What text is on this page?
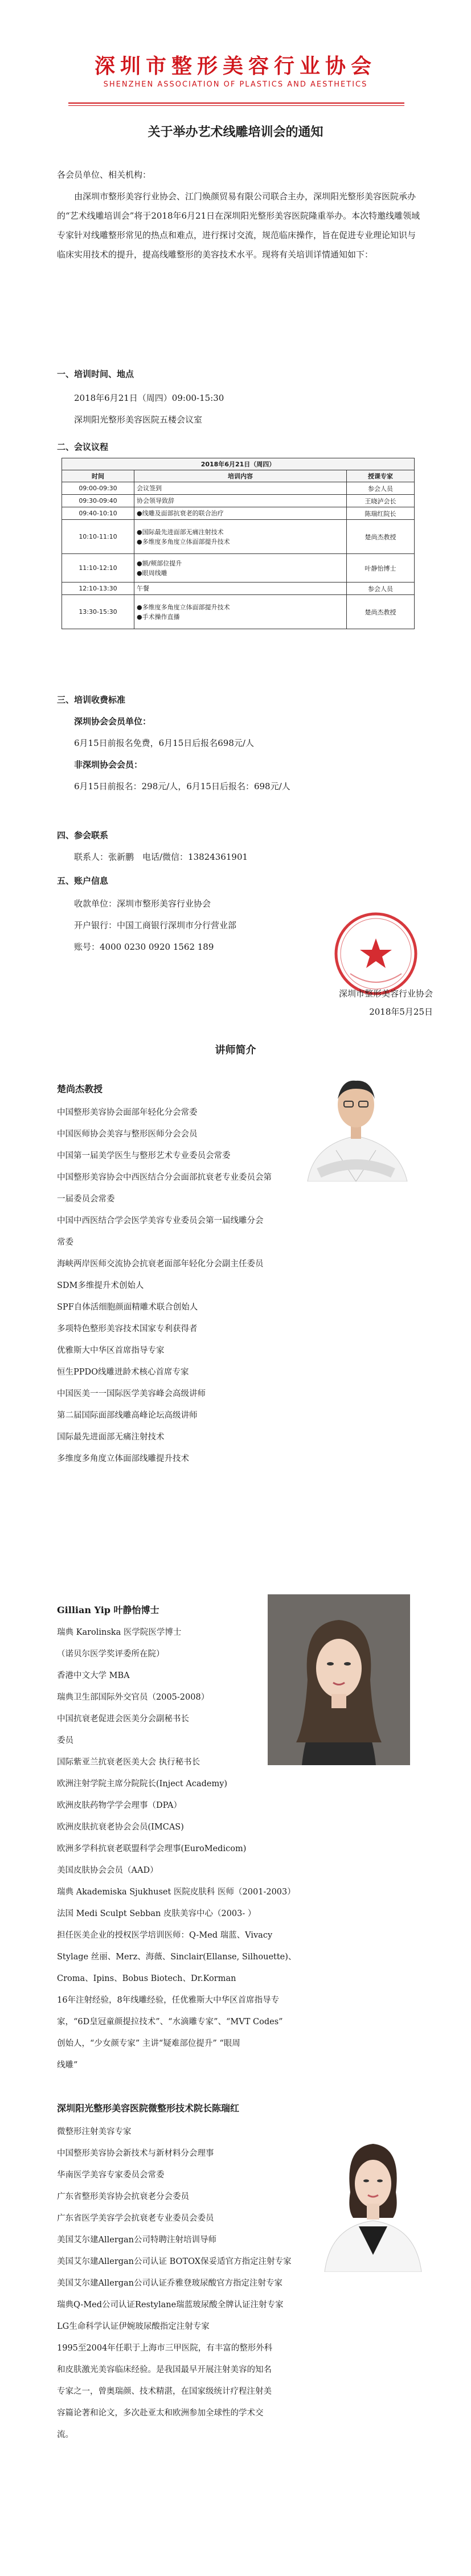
深圳市整形美容行业协会
SHENZHEN ASSOCIATION OF PLASTICS AND AESTHETICS
关于举办艺术线雕培训会的通知
各会员单位、相关机构：
由深圳市整形美容行业协会、江门焕颜贸易有限公司联合主办，深圳阳光整形美容医院承办的“艺术线雕培训会”将于2018年6月21日在深圳阳光整形美容医院隆重举办。本次特邀线雕领域专家针对线雕整形常见的热点和难点，进行探讨交流，规范临床操作，旨在促进专业理论知识与临床实用技术的提升，提高线雕整形的美容技术水平。现将有关培训详情通知如下：
一、培训时间、地点
2018年6月21日（周四）09:00-15:30
深圳阳光整形美容医院五楼会议室
二、会议议程
2018年6月21日（周四）		
时间	培训内容	授课专家
09:00-09:30	会议签到	参会人员
09:30-09:40	协会领导致辞	王晓泸会长
09:40-10:10	●线雕及面部抗衰老的联合治疗	陈瑞红院长
10:10-11:10	●国际最先进面部无痛注射技术
●多维度多角度立体面部提升技术	楚尚杰教授
11:10-12:10	●额/颊部位提升
●眼周线雕	叶静怡博士
12:10-13:30	午餐	参会人员
13:30-15:30	●多维度多角度立体面部提升技术
●手术操作直播	楚尚杰教授
三、培训收费标准
深圳协会会员单位：
6月15日前报名免费，6月15日后报名698元/人
非深圳协会会员：
6月15日前报名：298元/人，6月15日后报名：698元/人
四、参会联系
联系人：张新鹏　电话/微信：13824361901
五、账户信息
收款单位：深圳市整形美容行业协会
开户银行：中国工商银行深圳市分行营业部
账号：4000 0230 0920 1562 189
深圳市整形美容行业协会
2018年5月25日
讲师简介
楚尚杰教授
中国整形美容协会面部年轻化分会常委
中国医师协会美容与整形医师分会会员
中国第一届美学医生与整形艺术专业委员会常委
中国整形美容协会中西医结合分会面部抗衰老专业委员会第
一届委员会常委
中国中西医结合学会医学美容专业委员会第一届线雕分会
常委
海峡两岸医师交流协会抗衰老面部年轻化分会副主任委员
SDM多维提升术创始人
SPF自体活细胞颜面精雕术联合创始人
多项特色整形美容技术国家专利获得者
优雅斯大中华区首席指导专家
恒生PPDO线雕迸龄术核心首席专家
中国医美一一国际医学美容峰会高级讲师
第二届国际面部线雕高峰论坛高级讲师
国际最先进面部无痛注射技术
多维度多角度立体面部线雕提升技术
Gillian Yip 叶静怡博士
瑞典 Karolinska 医学院医学博士
（诺贝尔医学奖评委所在院）
香港中文大学 MBA
瑞典卫生部国际外交官员（2005-2008）
中国抗衰老促进会医美分会副秘书长
委员
国际紫亚兰抗衰老医美大会 执行秘书长
欧洲注射学院主席分院院长(Inject Academy)
欧洲皮肤药物学学会理事（DPA）
欧洲皮肤抗衰老协会会员(IMCAS)
欧洲多学科抗衰老联盟科学会理事(EuroMedicom)
美国皮肤协会会员（AAD）
瑞典 Akademiska Sjukhuset 医院皮肤科 医师（2001-2003）
法国 Medi Sculpt Sebban 皮肤美容中心（2003- ）
担任医美企业的授权医学培训医师：Q-Med 瑞蓝、Vivacy
Stylage 丝丽、Merz、海薇、Sinclair(Ellanse, Silhouette)、
Croma、Ipins、Bobus Biotech、Dr.Korman
16年注射经验，8年线雕经验，任优雅斯大中华区首席指导专
家，“6D皇冠童颜提拉技术”、“水滴雕专家”、“MVT Codes”
创始人，“少女颜专家” 主讲“疑难部位提升” “眼周
线雕”
深圳阳光整形美容医院微整形技术院长陈瑞红
微整形注射美容专家
中国整形美容协会新技术与新材料分会理事
华南医学美容专家委员会常委
广东省整形美容协会抗衰老分会委员
广东省医学美容学会抗衰老专业委员会委员
美国艾尔建Allergan公司特聘注射培训导师
美国艾尔建Allergan公司认证 BOTOX保妥适官方指定注射专家
美国艾尔建Allergan公司认证乔雅登玻尿酸官方指定注射专家
瑞典Q-Med公司认证Restylane瑞蓝玻尿酸全牌认证注射专家
LG生命科学认证伊婉玻尿酸指定注射专家
1995至2004年任职于上海市三甲医院，有丰富的整形外科
和皮肤激光美容临床经验。是我国最早开展注射美容的知名
专家之一，曾奥瑞颜、技术精湛，在国家级统计疗程注射美
容篇论著和论文，多次赴亚太和欧洲参加全球性的学术交
流。
